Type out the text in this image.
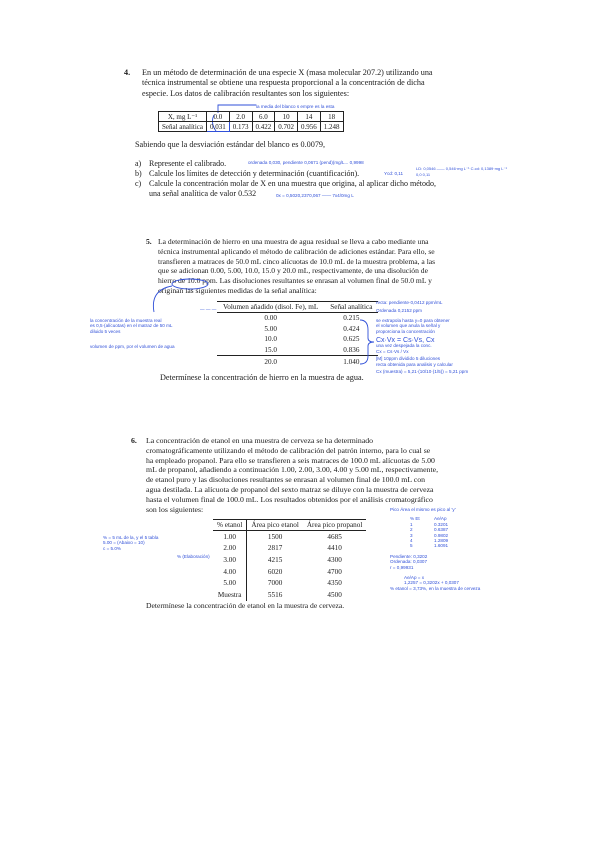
4. En un método de determinación de una especie X (masa molecular 207.2) utilizando una
técnica instrumental se obtiene una respuesta proporcional a la concentración de dicha
especie. Los datos de calibración resultantes son los siguientes:
la media del blanco s empre es la esta
X, mg L⁻¹	0.0	2.0	6.0	10	14	18
Señal analítica	0.031	0.173	0.422	0.702	0.956	1.248
Sabiendo que la desviación estándar del blanco es 0.0079,
a) Represente el calibrado.
b) Calcule los límites de detección y determinación (cuantificación).
c) Calcule la concentración molar de X en una muestra que origina, al aplicar dicho método,
una señal analítica de valor 0.532
ordenada 0,030, pendiente 0,0671 (pend)(mg/L... 0,9998
Ycd: 0,11
LD: 0,0546 —— 0,546·mg L⁻¹ C.cd: 0,1389·mg L⁻¹
0,0 0,11
0x = 0,5020,2370,067 —— 7x4/0mg L
5. La determinación de hierro en una muestra de agua residual se lleva a cabo mediante una
técnica instrumental aplicando el método de calibración de adiciones estándar. Para ello, se
transfieren a matraces de 50.0 mL cinco alícuotas de 10.0 mL de la muestra problema, a las
que se adicionan 0.00, 5.00, 10.0, 15.0 y 20.0 mL, respectivamente, de una disolución de
hierro de 10.0 ppm. Las disoluciones resultantes se enrasan al volumen final de 50.0 mL y
originan las siguientes medidas de la señal analítica:
Volumen añadido (disol. Fe), mL	Señal analítica
0.00	0.215
5.00	0.424
10.0	0.625
15.0	0.836
20.0	1.040
la concentración de la muestra real
es 0,5·(alícuotas) en el matraz de 50 mL
diluido 5 veces
volumen de ppm, por el volumen de agua
— — —
recta: pendiente·0,0412 ppm/mL
Ordenada 0,2152 ppm
se extrapola hasta y=0 para obtener
el volumen que anula la señal y
proporciona la concentración
Cx·Vx = Cs·Vs, Cx
una vez despejada la conc.
Cx = Cs·Vs / Vx
[M] 10ppm dividido 5 diluciones
recta obtenida para analisis y calcular
Cx (muestra) = 5,21·(10/10·(1/5)) = 5,21 ppm
Determínese la concentración de hierro en la muestra de agua.
6. La concentración de etanol en una muestra de cerveza se ha determinado
cromatográficamente utilizando el método de calibración del patrón interno, para lo cual se
ha empleado propanol. Para ello se transfieren a seis matraces de 100.0 mL alícuotas de 5.00
mL de propanol, añadiendo a continuación 1.00, 2.00, 3.00, 4.00 y 5.00 mL, respectivamente,
de etanol puro y las disoluciones resultantes se enrasan al volumen final de 100.0 mL con
agua destilada. La alícuota de propanol del sexto matraz se diluye con la muestra de cerveza
hasta el volumen final de 100.0 mL. Los resultados obtenidos por el análisis cromatográfico
son los siguientes:
% etanol	Área pico etanol	Área pico propanol
1.00	1500	4685
2.00	2817	4410
3.00	4215	4300
4.00	6020	4700
5.00	7000	4350
Muestra	5516	4500
% = 5 mL de la, y el 5 tabla
5.00 = (Abaixo = 10)
c = 5.0%
% (Elaboración)
Pico Área el mismo es pico al 'y'
% Et	Ae/Ap
1	0.3201
2	0.6387
3	0.9802
4	1.2809
5	1.6091
Pendiente: 0,3202
Ordenada: 0,0307
r = 0,99931
Ae/Ap = x
1,2257 = 0,3202x + 0,0307
% etanol = 3,73%, en la muestra de cerveza
Determínese la concentración de etanol en la muestra de cerveza.
